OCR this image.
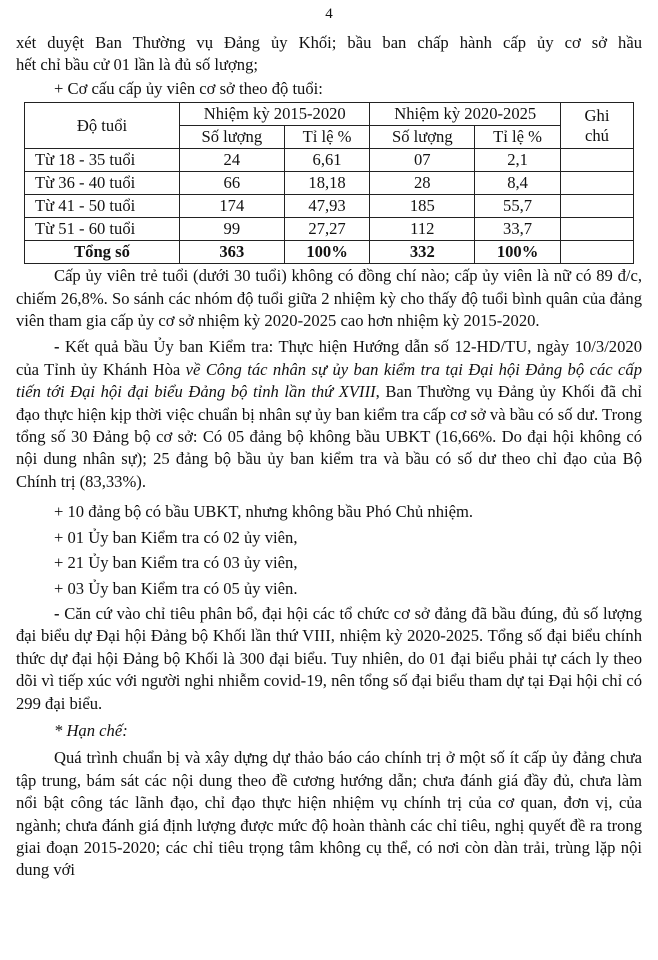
4

xét duyệt Ban Thường vụ Đảng ủy Khối; bầu ban chấp hành cấp ủy cơ sở hầu

hết chỉ bầu cử 01 lần là đủ số lượng;

+ Cơ cấu cấp ủy viên cơ sở theo độ tuổi:

Độ tuổi	Nhiệm kỳ 2015-2020		Nhiệm kỳ 2020-2025		Ghi
chú

	Số lượng	Tỉ lệ %	Số lượng	Tỉ lệ %	
Từ 18 - 35 tuổi	24	6,61	07	2,1	
Từ 36 - 40 tuổi	66	18,18	28	8,4	
Từ 41 - 50 tuổi	174	47,93	185	55,7	
Từ 51 - 60 tuổi	99	27,27	112	33,7	
Tổng số	363	100%	332	100%	

Cấp ủy viên trẻ tuổi (dưới 30 tuổi) không có đồng chí nào; cấp ủy viên là nữ có 89 đ/c, chiếm 26,8%. So sánh các nhóm độ tuổi giữa 2 nhiệm kỳ cho thấy độ tuổi bình quân của đảng viên tham gia cấp ủy cơ sở nhiệm kỳ 2020-2025 cao hơn nhiệm kỳ 2015-2020.

- Kết quả bầu Ủy ban Kiểm tra: Thực hiện Hướng dẫn số 12-HD/TU, ngày 10/3/2020 của Tỉnh ủy Khánh Hòa về Công tác nhân sự ủy ban kiểm tra tại Đại hội Đảng bộ các cấp tiến tới Đại hội đại biểu Đảng bộ tỉnh lần thứ XVIII, Ban Thường vụ Đảng ủy Khối đã chỉ đạo thực hiện kịp thời việc chuẩn bị nhân sự ủy ban kiểm tra cấp cơ sở và bầu có số dư. Trong tổng số 30 Đảng bộ cơ sở: Có 05 đảng bộ không bầu UBKT (16,66%. Do đại hội không có nội dung nhân sự); 25 đảng bộ bầu ủy ban kiểm tra và bầu có số dư theo chỉ đạo của Bộ Chính trị (83,33%).

+ 10 đảng bộ có bầu UBKT, nhưng không bầu Phó Chủ nhiệm.

+ 01 Ủy ban Kiểm tra có 02 ủy viên,

+ 21 Ủy ban Kiểm tra có 03 ủy viên,

+ 03 Ủy ban Kiểm tra có 05 ủy viên.

- Căn cứ vào chỉ tiêu phân bổ, đại hội các tổ chức cơ sở đảng đã bầu đúng, đủ số lượng đại biểu dự Đại hội Đảng bộ Khối lần thứ VIII, nhiệm kỳ 2020-2025. Tổng số đại biểu chính thức dự đại hội Đảng bộ Khối là 300 đại biểu. Tuy nhiên, do 01 đại biểu phải tự cách ly theo dõi vì tiếp xúc với người nghi nhiễm covid-19, nên tổng số đại biểu tham dự tại Đại hội chỉ có 299 đại biểu.

* Hạn chế:

Quá trình chuẩn bị và xây dựng dự thảo báo cáo chính trị ở một số ít cấp ủy đảng chưa tập trung, bám sát các nội dung theo đề cương hướng dẫn; chưa đánh giá đầy đủ, chưa làm nổi bật công tác lãnh đạo, chỉ đạo thực hiện nhiệm vụ chính trị của cơ quan, đơn vị, của ngành; chưa đánh giá định lượng được mức độ hoàn thành các chỉ tiêu, nghị quyết đề ra trong giai đoạn 2015-2020; các chỉ tiêu trọng tâm không cụ thể, có nơi còn dàn trải, trùng lặp nội dung với
